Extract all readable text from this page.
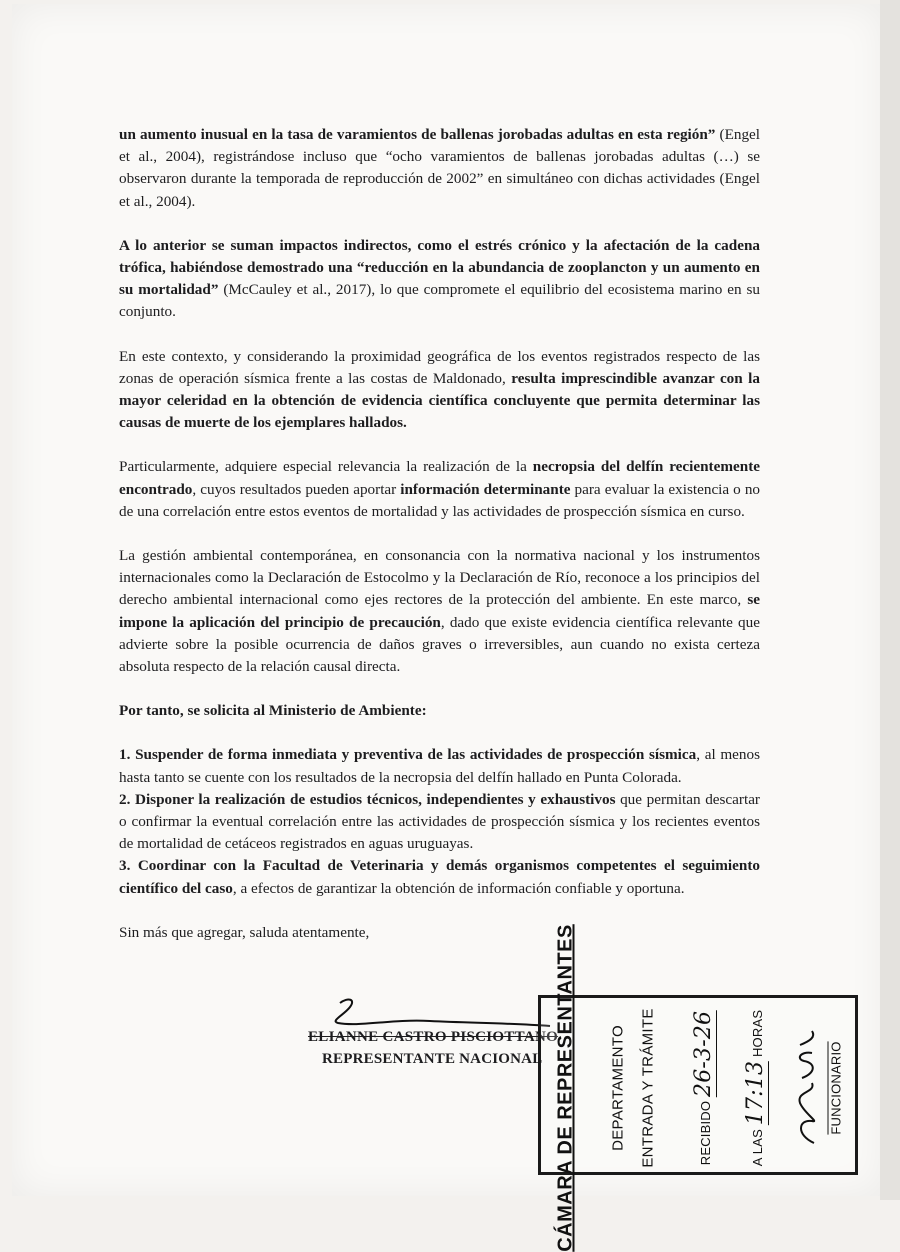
un aumento inusual en la tasa de varamientos de ballenas jorobadas adultas en esta región” (Engel et al., 2004), registrándose incluso que “ocho varamientos de ballenas jorobadas adultas (…) se observaron durante la temporada de reproducción de 2002” en simultáneo con dichas actividades (Engel et al., 2004).

A lo anterior se suman impactos indirectos, como el estrés crónico y la afectación de la cadena trófica, habiéndose demostrado una “reducción en la abundancia de zooplancton y un aumento en su mortalidad” (McCauley et al., 2017), lo que compromete el equilibrio del ecosistema marino en su conjunto.

En este contexto, y considerando la proximidad geográfica de los eventos registrados respecto de las zonas de operación sísmica frente a las costas de Maldonado, resulta imprescindible avanzar con la mayor celeridad en la obtención de evidencia científica concluyente que permita determinar las causas de muerte de los ejemplares hallados.

Particularmente, adquiere especial relevancia la realización de la necropsia del delfín recientemente encontrado, cuyos resultados pueden aportar información determinante para evaluar la existencia o no de una correlación entre estos eventos de mortalidad y las actividades de prospección sísmica en curso.

La gestión ambiental contemporánea, en consonancia con la normativa nacional y los instrumentos internacionales como la Declaración de Estocolmo y la Declaración de Río, reconoce a los principios del derecho ambiental internacional como ejes rectores de la protección del ambiente. En este marco, se impone la aplicación del principio de precaución, dado que existe evidencia científica relevante que advierte sobre la posible ocurrencia de daños graves o irreversibles, aun cuando no exista certeza absoluta respecto de la relación causal directa.

Por tanto, se solicita al Ministerio de Ambiente:

1. Suspender de forma inmediata y preventiva de las actividades de prospección sísmica, al menos hasta tanto se cuente con los resultados de la necropsia del delfín hallado en Punta Colorada.

2. Disponer la realización de estudios técnicos, independientes y exhaustivos que permitan descartar o confirmar la eventual correlación entre las actividades de prospección sísmica y los recientes eventos de mortalidad de cetáceos registrados en aguas uruguayas.

3. Coordinar con la Facultad de Veterinaria y demás organismos competentes el seguimiento científico del caso, a efectos de garantizar la obtención de información confiable y oportuna.

Sin más que agregar, saluda atentamente,

ELIANNE CASTRO PISCIOTTANO
REPRESENTANTE NACIONAL CÁMARA DE REPRESENTANTES DEPARTAMENTO ENTRADA Y TRÁMITE	RECIBIDO 26-3-26
A LAS 17:13 HORAS
FUNCIONARIO
